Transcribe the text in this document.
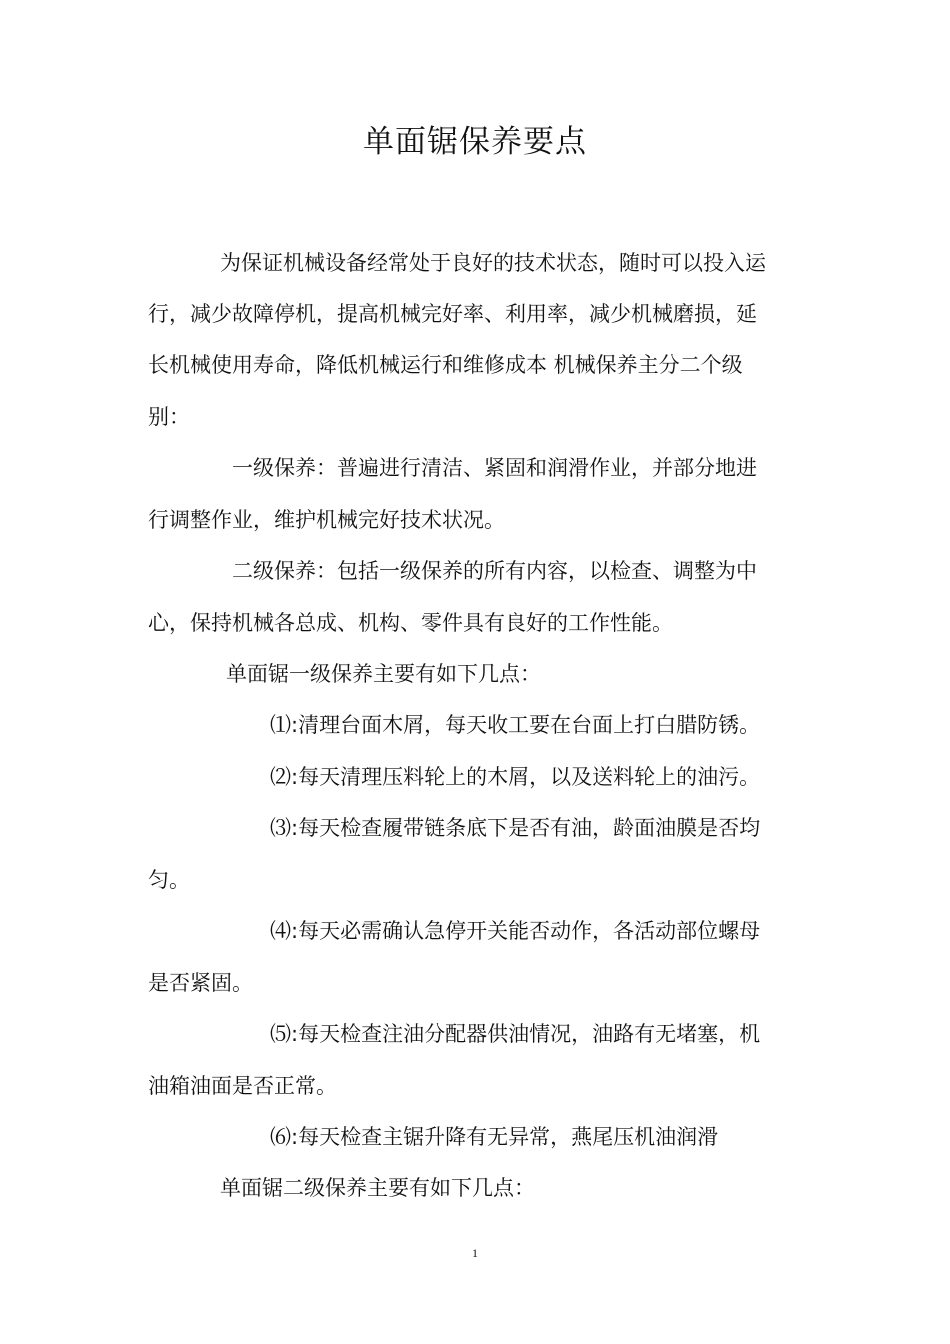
单面锯保养要点
为保证机械设备经常处于良好的技术状态，随时可以投入运
行，减少故障停机，提高机械完好率、利用率，减少机械磨损，延
长机械使用寿命，降低机械运行和维修成本 机械保养主分二个级
别：
一级保养：普遍进行清洁、紧固和润滑作业，并部分地进
行调整作业，维护机械完好技术状况。
二级保养：包括一级保养的所有内容，以检查、调整为中
心，保持机械各总成、机构、零件具有良好的工作性能。
单面锯一级保养主要有如下几点：
⑴:清理台面木屑，每天收工要在台面上打白腊防锈。
⑵:每天清理压料轮上的木屑，以及送料轮上的油污。
⑶:每天检查履带链条底下是否有油，龄面油膜是否均
匀。
⑷:每天必需确认急停开关能否动作，各活动部位螺母
是否紧固。
⑸:每天检查注油分配器供油情况，油路有无堵塞，机
油箱油面是否正常。
⑹:每天检查主锯升降有无异常，燕尾压机油润滑
单面锯二级保养主要有如下几点：
1
